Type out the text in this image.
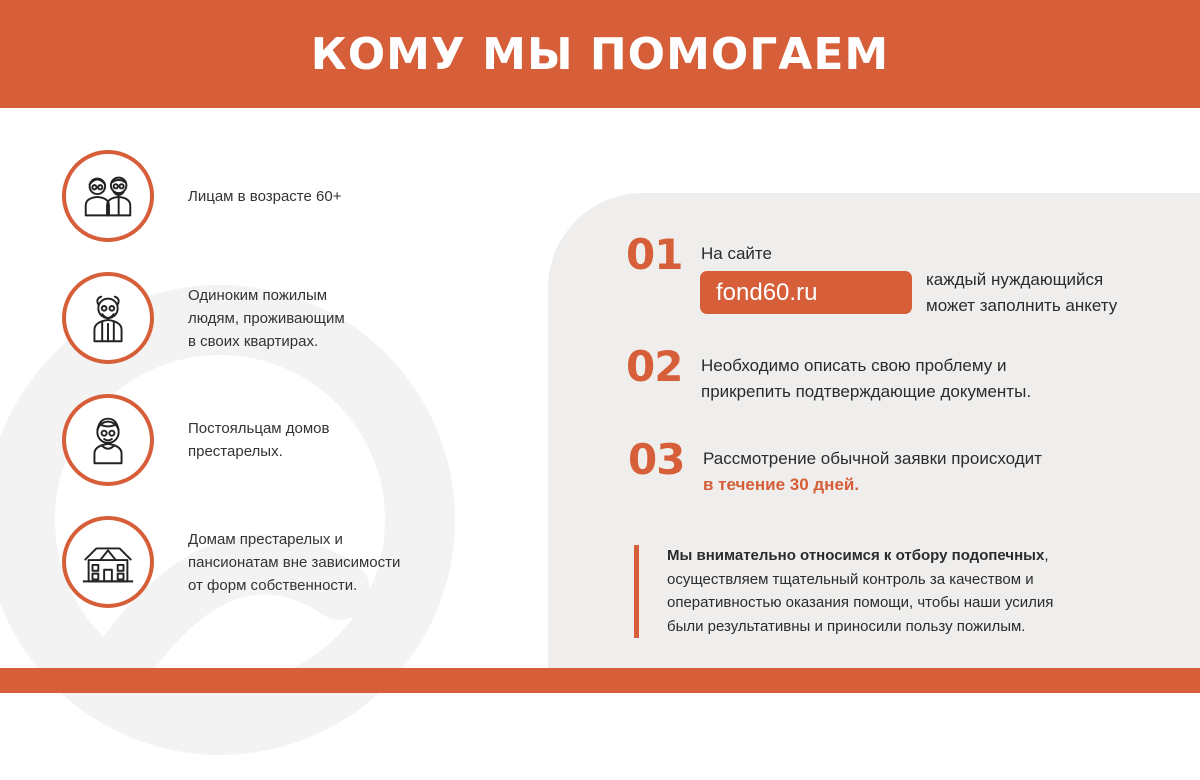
КОМУ МЫ ПОМОГАЕМ
Лицам в возрасте 60+
Одиноким пожилым
людям, проживающим
в своих квартирах.
Постояльцам домов
престарелых.
Домам престарелых и
пансионатам вне зависимости
от форм собственности.
01 На сайте
fond60.ru	каждый нуждающийся
может заполнить анкету
02 Необходимо описать свою проблему и
прикрепить подтверждающие документы.
03 Рассмотрение обычной заявки происходит
в течение 30 дней.
Мы внимательно относимся к отбору подопечных,
осуществляем тщательный контроль за качеством и
оперативностью оказания помощи, чтобы наши усилия
были результативны и приносили пользу пожилым.
